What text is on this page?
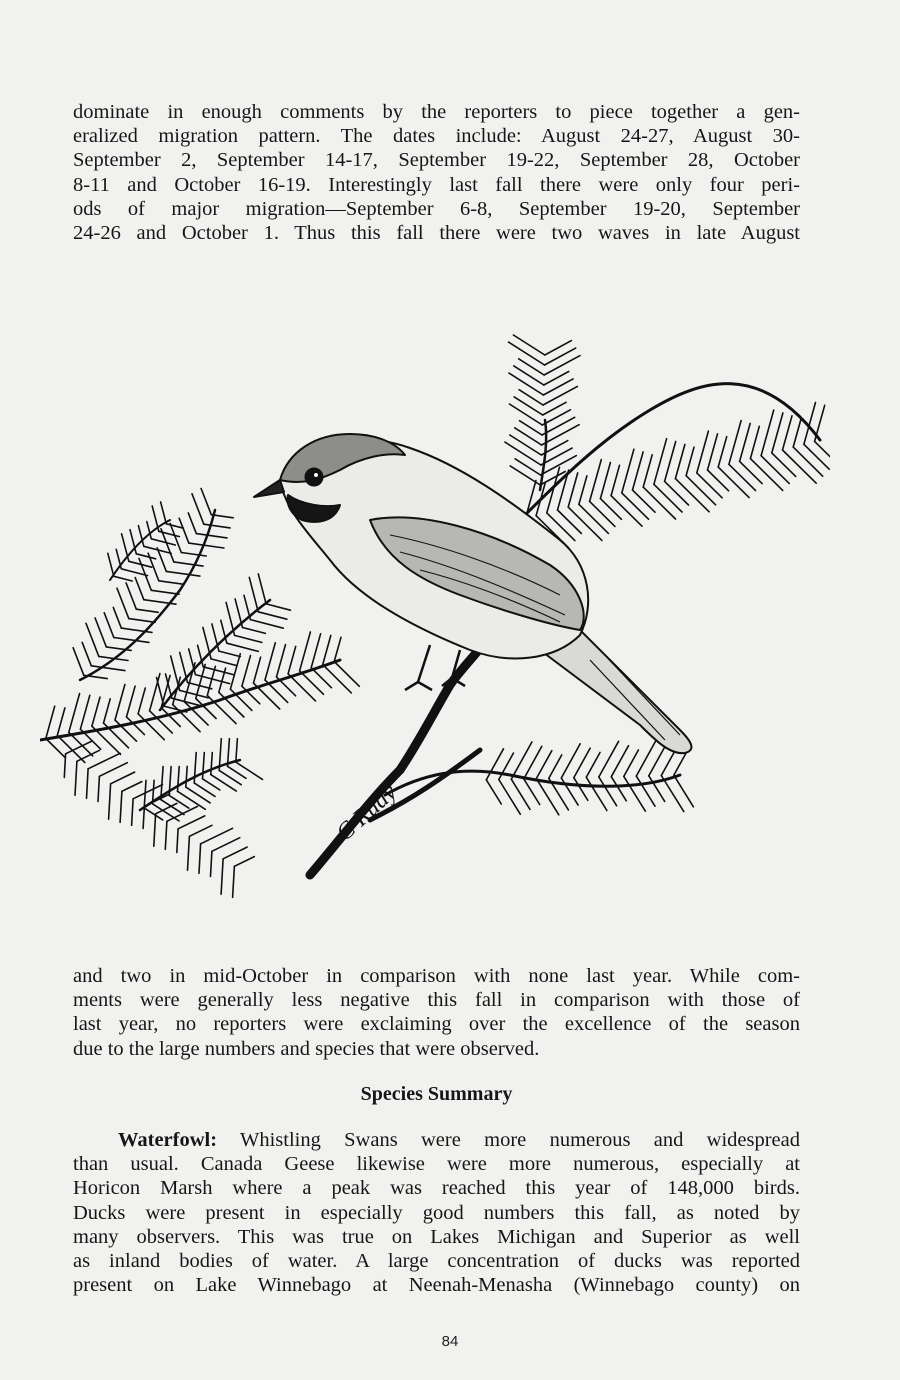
dominate in enough comments by the reporters to piece together a gen-
eralized migration pattern. The dates include: August 24-27, August 30-
September 2, September 14-17, September 19-22, September 28, October
8-11 and October 16-19. Interestingly last fall there were only four peri-
ods of major migration—September 6-8, September 19-20, September
24-26 and October 1. Thus this fall there were two waves in late August
C Rudy
and two in mid-October in comparison with none last year. While com-
ments were generally less negative this fall in comparison with those of
last year, no reporters were exclaiming over the excellence of the season
due to the large numbers and species that were observed.
Species Summary
Waterfowl: Whistling Swans were more numerous and widespread
than usual. Canada Geese likewise were more numerous, especially at
Horicon Marsh where a peak was reached this year of 148,000 birds.
Ducks were present in especially good numbers this fall, as noted by
many observers. This was true on Lakes Michigan and Superior as well
as inland bodies of water. A large concentration of ducks was reported
present on Lake Winnebago at Neenah-Menasha (Winnebago county) on
84
